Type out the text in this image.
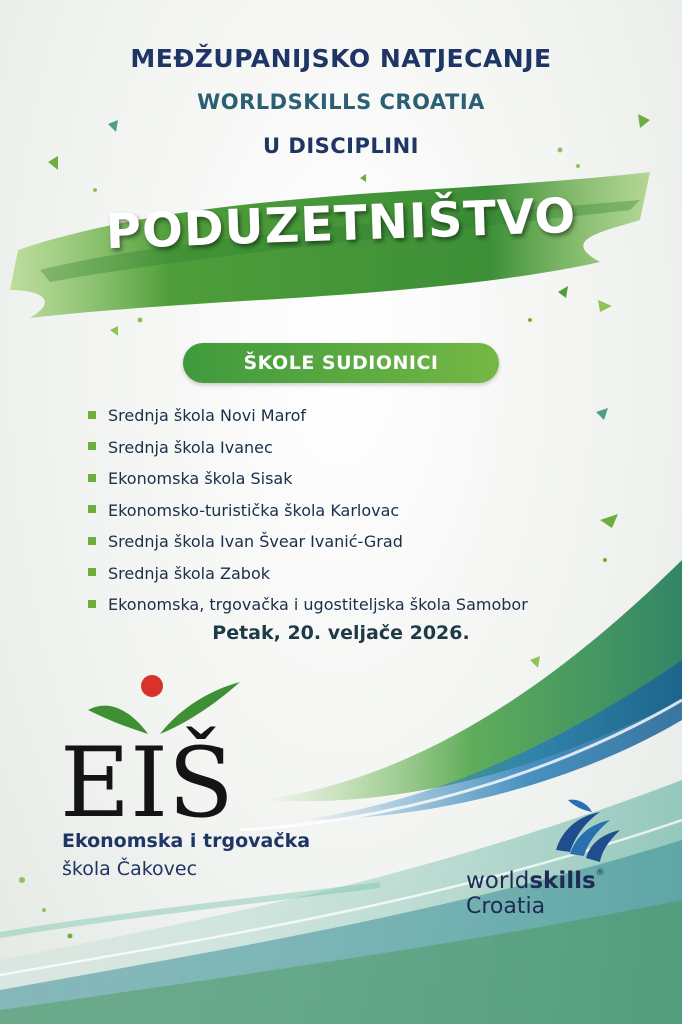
MEĐŽUPANIJSKO NATJECANJE
WORLDSKILLS CROATIA
U DISCIPLINI
PODUZETNIŠTVO
ŠKOLE SUDIONICI
Srednja škola Novi Marof
Srednja škola Ivanec
Ekonomska škola Sisak
Ekonomsko-turistička škola Karlovac
Srednja škola Ivan Švear Ivanić-Grad
Srednja škola Zabok
Ekonomska, trgovačka i ugostiteljska škola Samobor
Petak, 20. veljače 2026.
EIŠ
Ekonomska i trgovačka
škola Čakovec	worldskills®
Croatia
